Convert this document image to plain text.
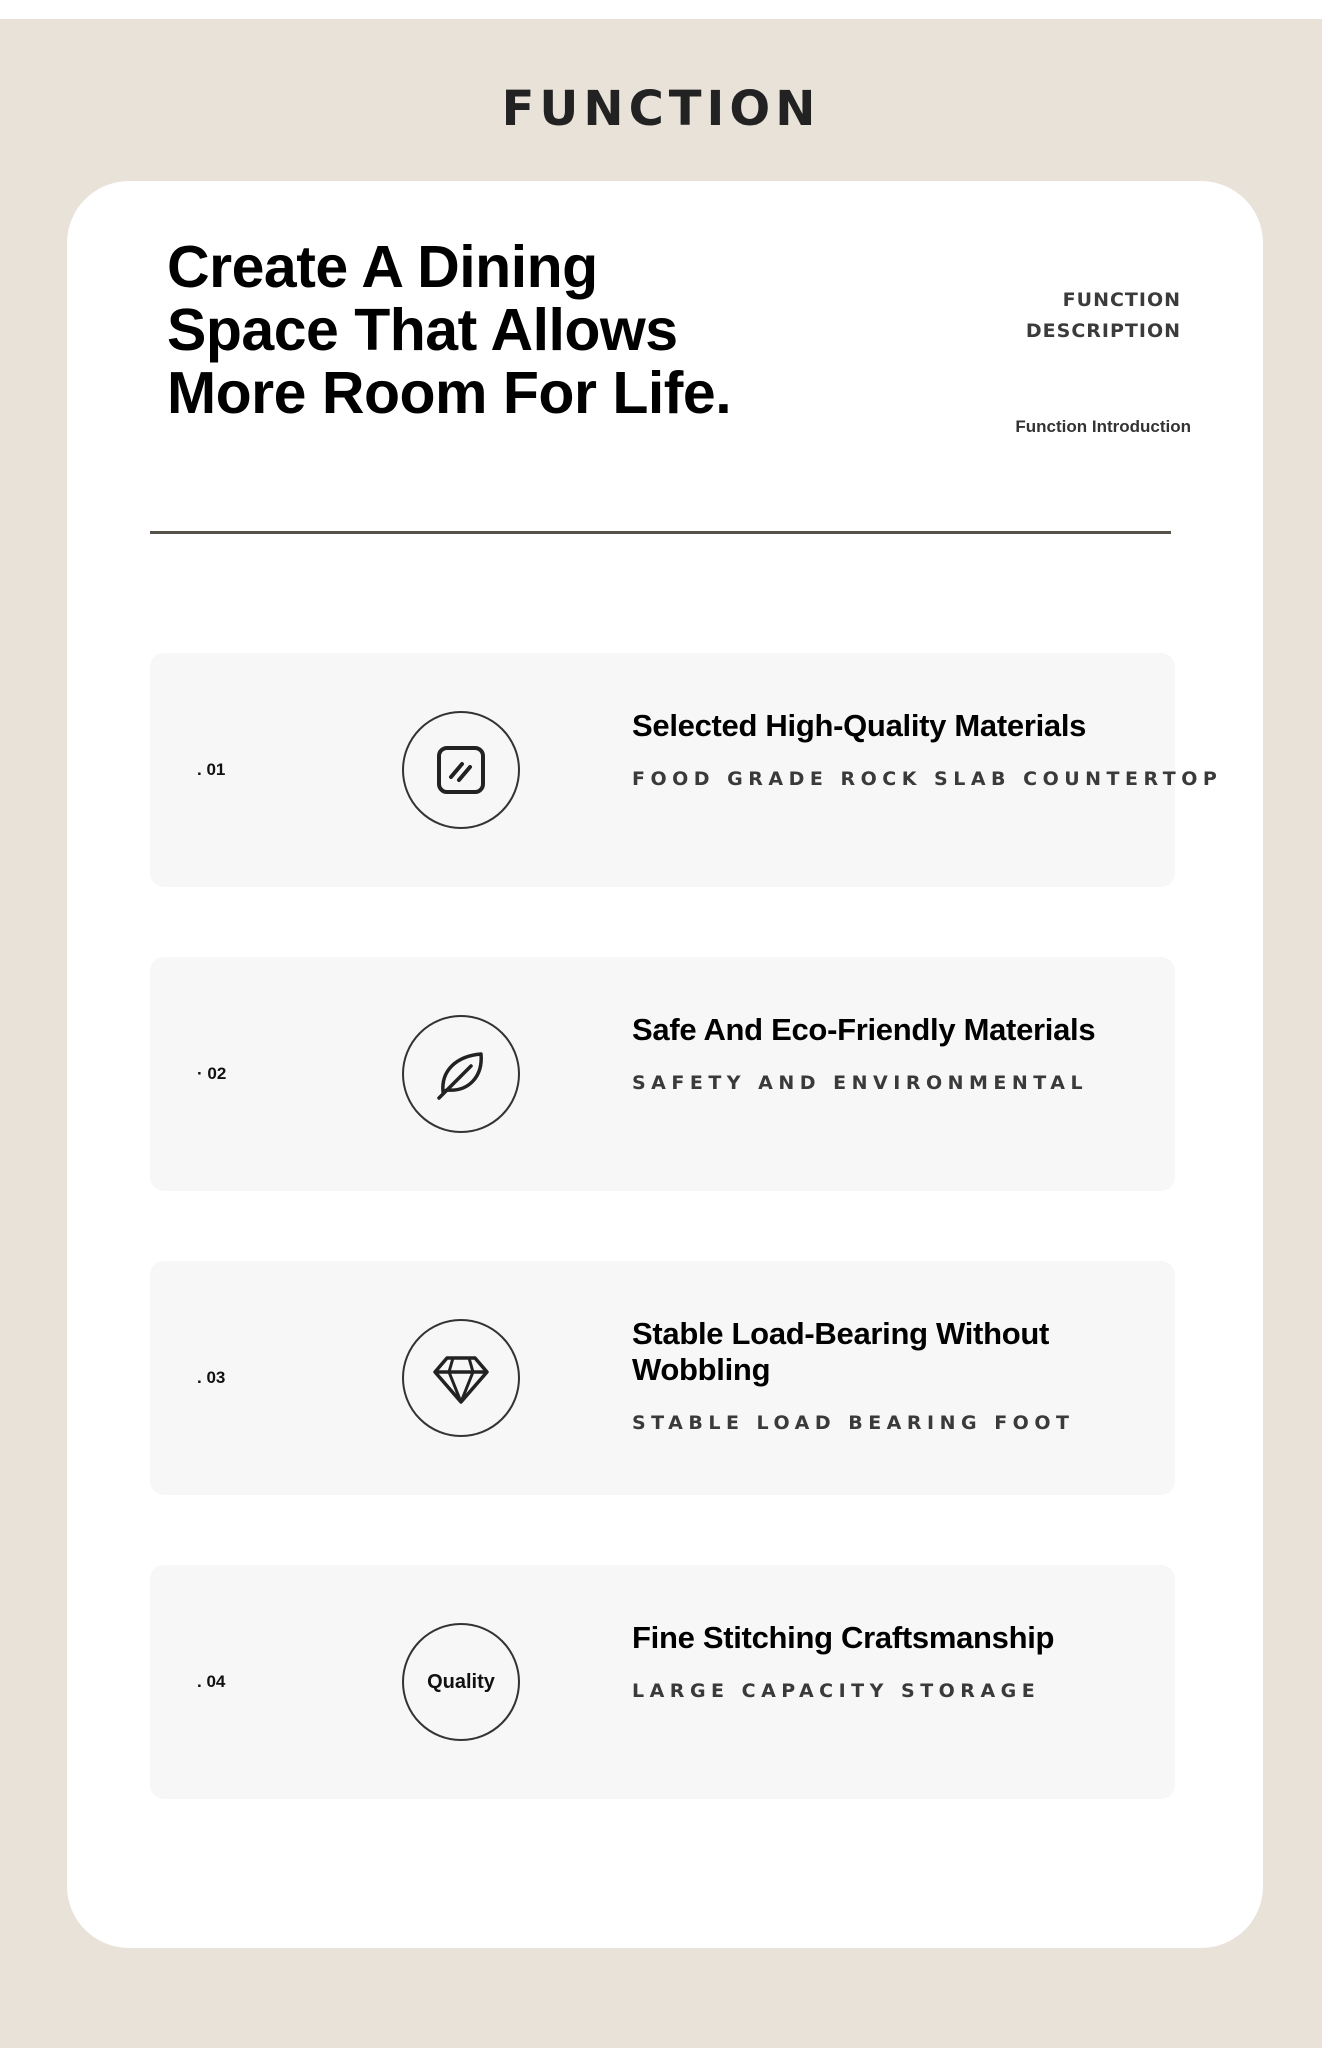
FUNCTION
Create A Dining Space That Allows More Room For Life.
FUNCTION
DESCRIPTION
Function Introduction
. 01

Selected High-Quality Materials

FOOD GRADE ROCK SLAB COUNTERTOP
· 02

Safe And Eco-Friendly Materials

SAFETY AND ENVIRONMENTAL
. 03

Stable Load-Bearing Without Wobbling

STABLE LOAD BEARING FOOT
. 04	Quality

Fine Stitching Craftsmanship

LARGE CAPACITY STORAGE
